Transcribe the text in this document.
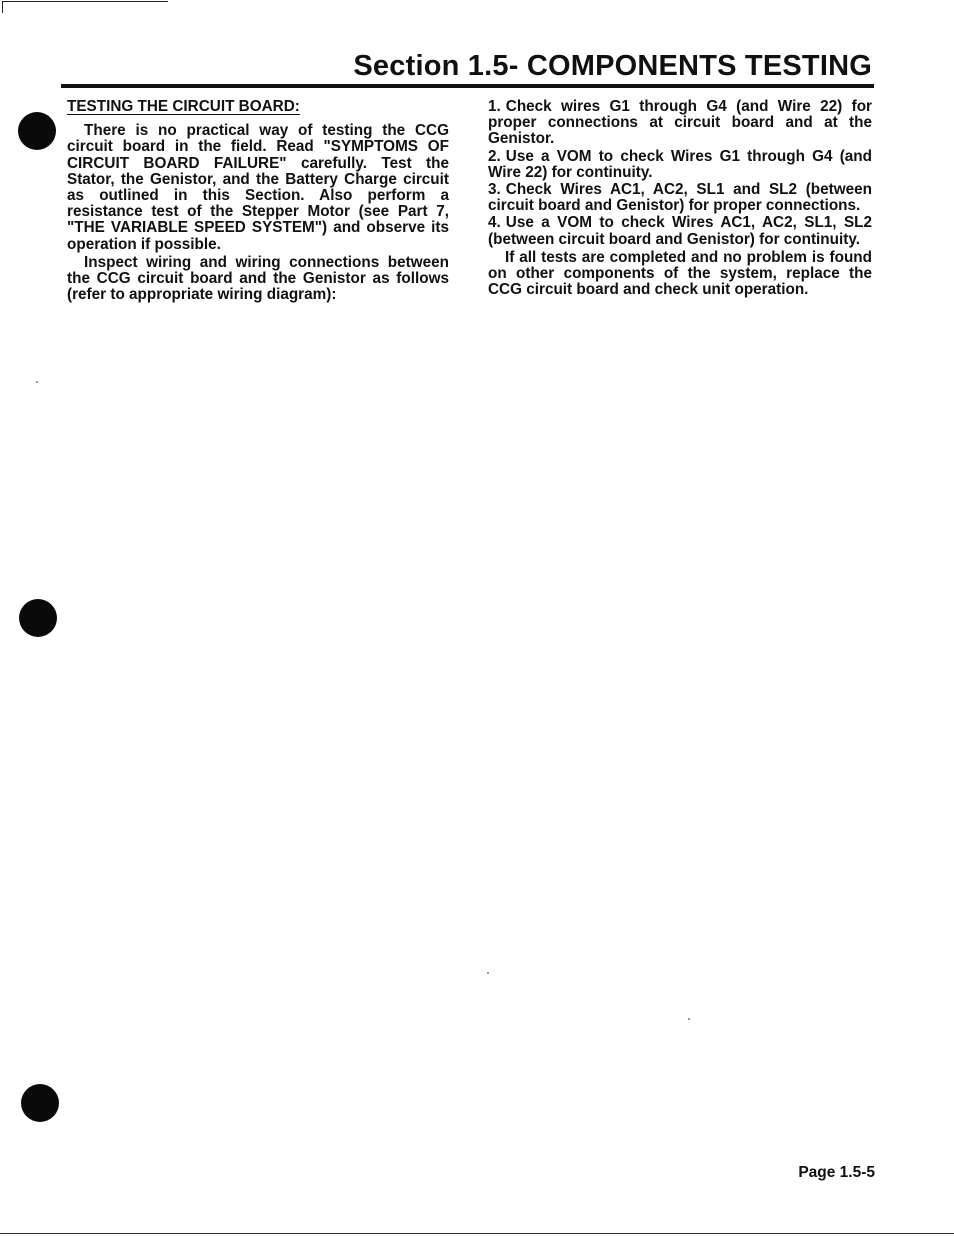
Section 1.5- COMPONENTS TESTING
TESTING THE CIRCUIT BOARD:

There is no practical way of testing the CCG circuit board in the field. Read "SYMPTOMS OF CIRCUIT BOARD FAILURE" carefully. Test the Stator, the Genistor, and the Battery Charge circuit as outlined in this Section. Also perform a resistance test of the Stepper Motor (see Part 7, "THE VARIABLE SPEED SYSTEM") and observe its operation if possible.

Inspect wiring and wiring connections between the CCG circuit board and the Genistor as follows (refer to appropriate wiring diagram):

1. Check wires G1 through G4 (and Wire 22) for proper connections at circuit board and at the Genistor.
2. Use a VOM to check Wires G1 through G4 (and Wire 22) for continuity.
3. Check Wires AC1, AC2, SL1 and SL2 (between circuit board and Genistor) for proper connections.
4. Use a VOM to check Wires AC1, AC2, SL1, SL2 (between circuit board and Genistor) for continuity.

If all tests are completed and no problem is found on other components of the system, replace the CCG circuit board and check unit operation.

Page 1.5-5
